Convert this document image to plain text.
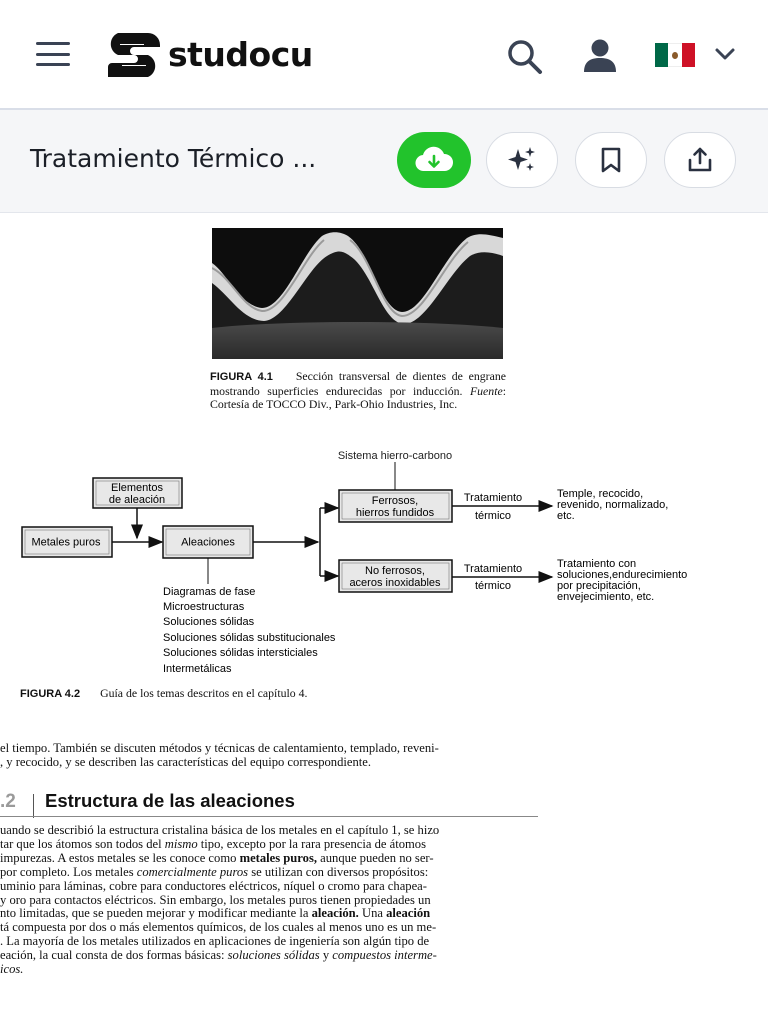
studocu
Tratamiento Térmico ...
FIGURA 4.1 Sección transversal de dientes de engrane mostrando superficies endurecidas por inducción. Fuente: Cortesía de TOCCO Div., Park-Ohio Industries, Inc.
Sistema hierro-carbono
Elementos
de aleación
Metales puros	Aleaciones
Ferrosos,
hierros fundidos
No ferrosos,
aceros inoxidables
Tratamiento
térmico
Tratamiento
térmico
Temple, recocido,
revenido, normalizado,
etc.
Tratamiento con
soluciones,endurecimiento
por precipitación,
envejecimiento, etc.
Diagramas de fase
Microestructuras
Soluciones sólidas
Soluciones sólidas substitucionales
Soluciones sólidas intersticiales
Intermetálicas
FIGURA 4.2 Guía de los temas descritos en el capítulo 4.
el tiempo. También se discuten métodos y técnicas de calentamiento, templado, reveni-
, y recocido, y se describen las características del equipo correspondiente.
.2 Estructura de las aleaciones
uando se describió la estructura cristalina básica de los metales en el capítulo 1, se hizo
tar que los átomos son todos del mismo tipo, excepto por la rara presencia de átomos
impurezas. A estos metales se les conoce como metales puros, aunque pueden no ser-
por completo. Los metales comercialmente puros se utilizan con diversos propósitos:
uminio para láminas, cobre para conductores eléctricos, níquel o cromo para chapea-
y oro para contactos eléctricos. Sin embargo, los metales puros tienen propiedades un
nto limitadas, que se pueden mejorar y modificar mediante la aleación. Una aleación
tá compuesta por dos o más elementos químicos, de los cuales al menos uno es un me-
. La mayoría de los metales utilizados en aplicaciones de ingeniería son algún tipo de
eación, la cual consta de dos formas básicas: soluciones sólidas y compuestos interme-
icos.
